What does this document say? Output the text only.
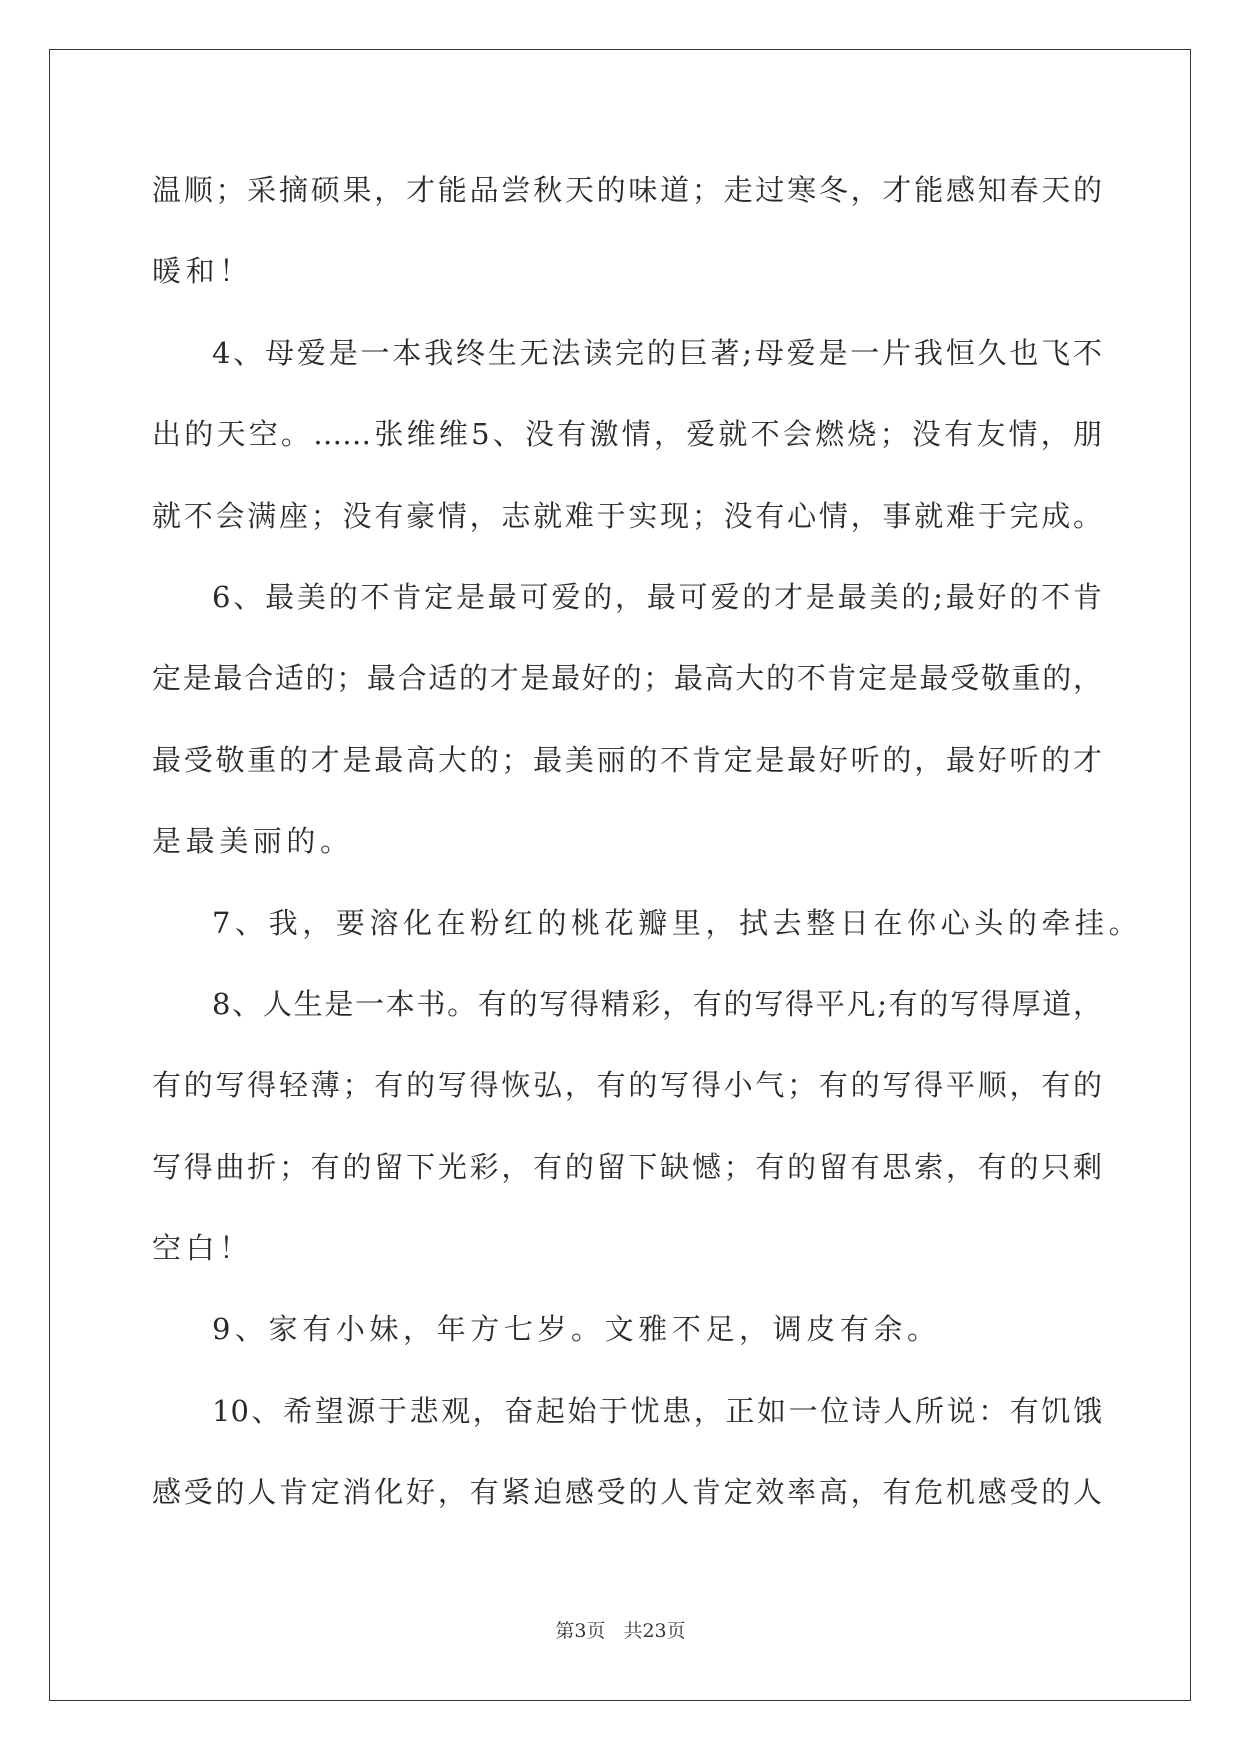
温顺；采摘硕果，才能品尝秋天的味道；走过寒冬，才能感知春天的
暖和！
4、母爱是一本我终生无法读完的巨著;母爱是一片我恒久也飞不
出的天空。……张维维5、没有激情，爱就不会燃烧；没有友情，朋
就不会满座；没有豪情，志就难于实现；没有心情，事就难于完成。
6、最美的不肯定是最可爱的，最可爱的才是最美的;最好的不肯
定是最合适的；最合适的才是最好的；最高大的不肯定是最受敬重的，
最受敬重的才是最高大的；最美丽的不肯定是最好听的，最好听的才
是最美丽的。
7、我，要溶化在粉红的桃花瓣里，拭去整日在你心头的牵挂。
8、人生是一本书。有的写得精彩，有的写得平凡;有的写得厚道，
有的写得轻薄；有的写得恢弘，有的写得小气；有的写得平顺，有的
写得曲折；有的留下光彩，有的留下缺憾；有的留有思索，有的只剩
空白！
9、家有小妹，年方七岁。文雅不足，调皮有余。
10、希望源于悲观，奋起始于忧患，正如一位诗人所说：有饥饿
感受的人肯定消化好，有紧迫感受的人肯定效率高，有危机感受的人
第3页 共23页
